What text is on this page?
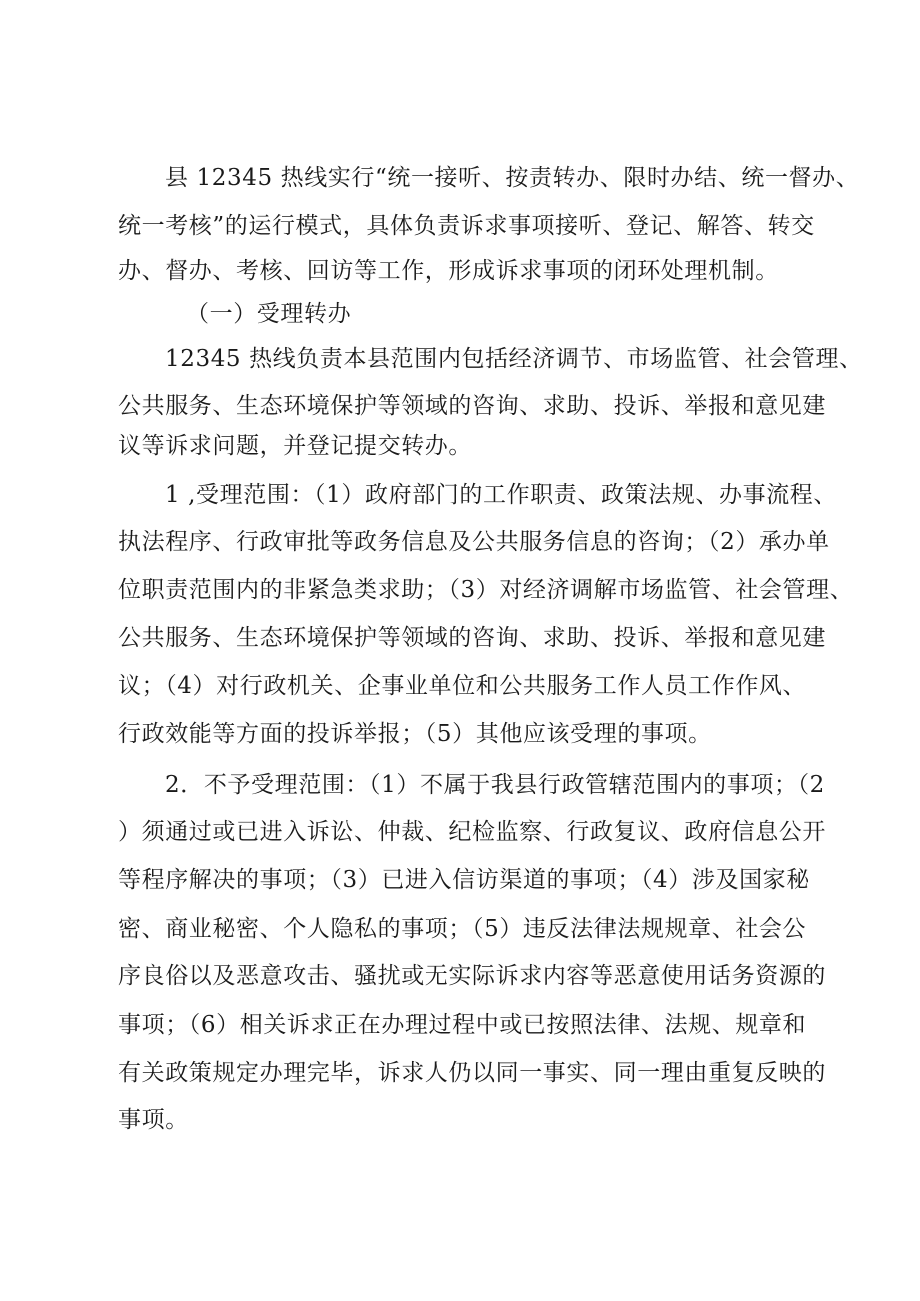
县 12345 热线实行“统一接听、按责转办、限时办结、统一督办、
统一考核”的运行模式，具体负责诉求事项接听、登记、解答、转交
办、督办、考核、回访等工作，形成诉求事项的闭环处理机制。
（一）受理转办
12345 热线负责本县范围内包括经济调节、市场监管、社会管理、
公共服务、生态环境保护等领域的咨询、求助、投诉、举报和意见建
议等诉求问题，并登记提交转办。
1 ,受理范围：（1）政府部门的工作职责、政策法规、办事流程、
执法程序、行政审批等政务信息及公共服务信息的咨询；（2）承办单
位职责范围内的非紧急类求助；（3）对经济调解市场监管、社会管理、
公共服务、生态环境保护等领域的咨询、求助、投诉、举报和意见建
议；（4）对行政机关、企事业单位和公共服务工作人员工作作风、
行政效能等方面的投诉举报；（5）其他应该受理的事项。
2．不予受理范围：（1）不属于我县行政管辖范围内的事项；（2
）须通过或已进入诉讼、仲裁、纪检监察、行政复议、政府信息公开
等程序解决的事项；（3）已进入信访渠道的事项；（4）涉及国家秘
密、商业秘密、个人隐私的事项；（5）违反法律法规规章、社会公
序良俗以及恶意攻击、骚扰或无实际诉求内容等恶意使用话务资源的
事项；（6）相关诉求正在办理过程中或已按照法律、法规、规章和
有关政策规定办理完毕，诉求人仍以同一事实、同一理由重复反映的
事项。
